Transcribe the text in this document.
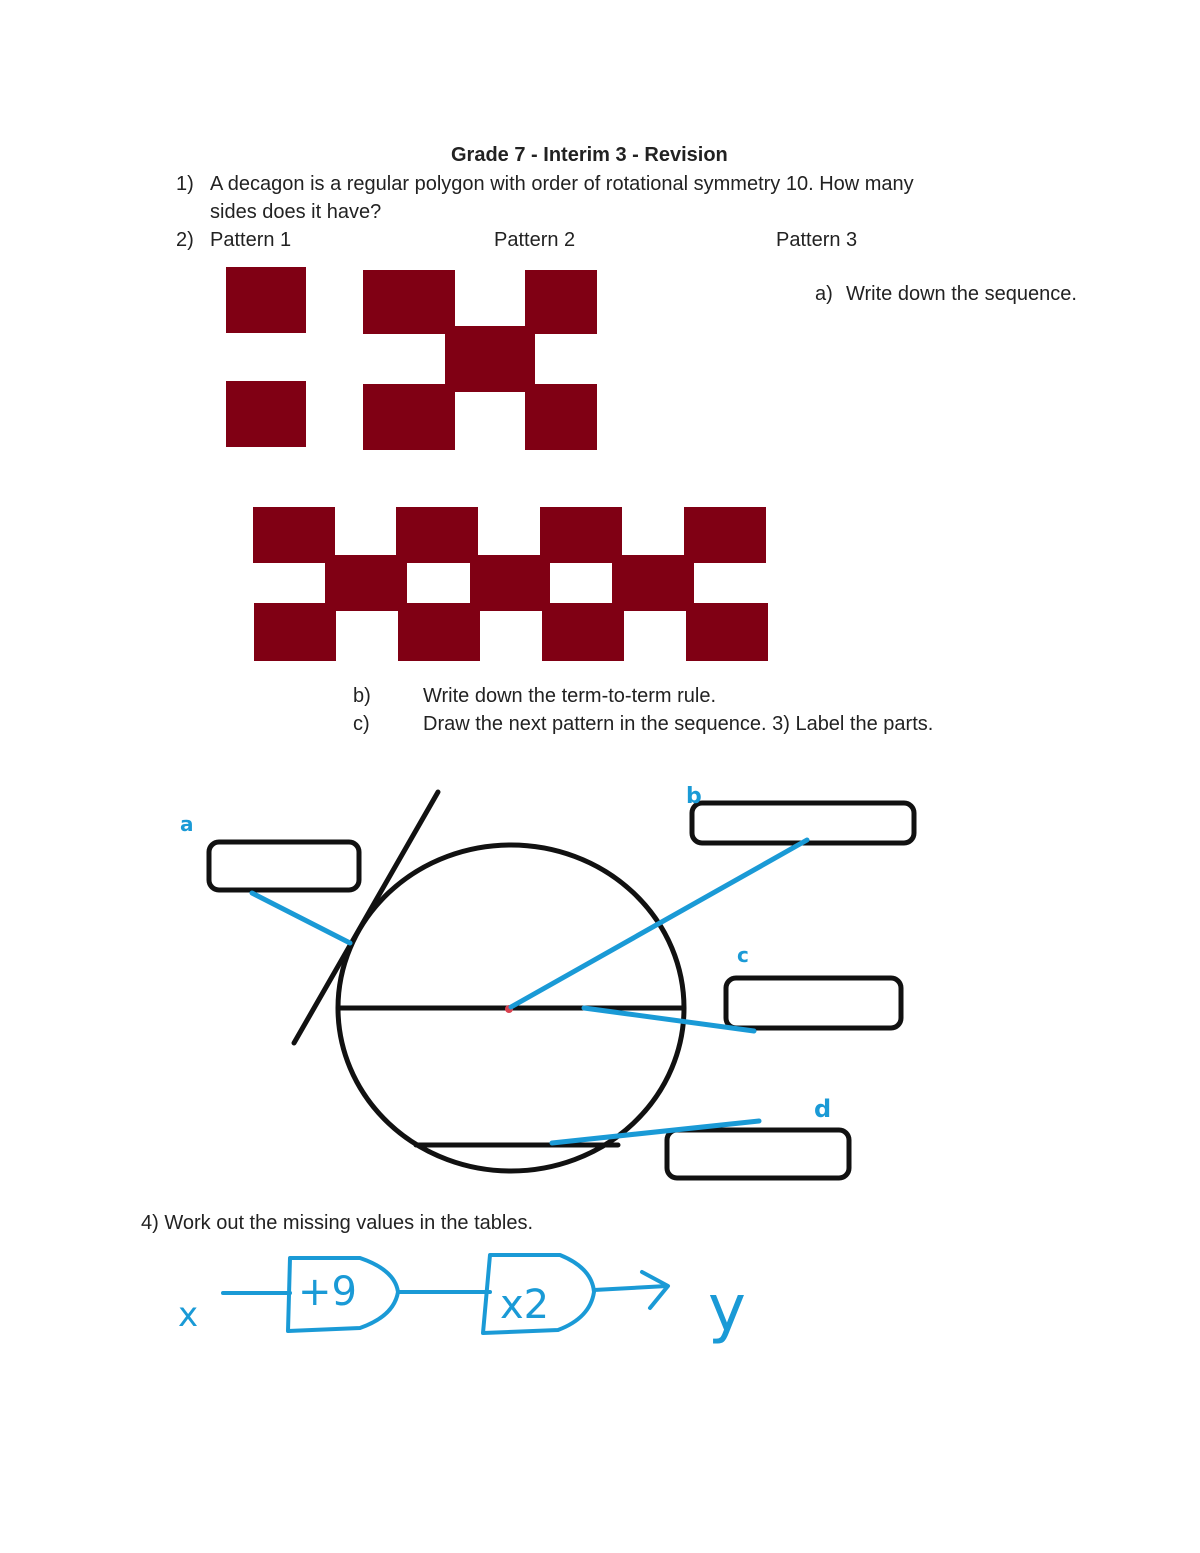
Grade 7 - Interim 3 - Revision
1) A decagon is a regular polygon with order of rotational symmetry 10. How many
sides does it have?
2) Pattern 1	Pattern 2	Pattern 3
a) Write down the sequence.
b)	Write down the term-to-term rule.
c)	Draw the next pattern in the sequence. 3) Label the parts.
a
b
c
d
4) Work out the missing values in the tables.
x +9	x2 y
